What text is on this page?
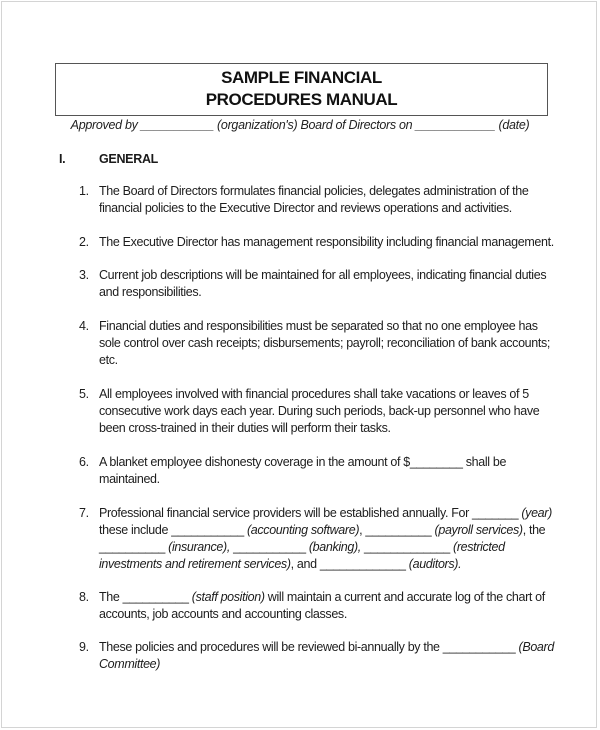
SAMPLE FINANCIAL
PROCEDURES MANUAL
Approved by ___________ (organization's) Board of Directors on ____________ (date)
I.	GENERAL
1. The Board of Directors formulates financial policies, delegates administration of the
financial policies to the Executive Director and reviews operations and activities.
2. The Executive Director has management responsibility including financial management.
3. Current job descriptions will be maintained for all employees, indicating financial duties
and responsibilities.
4. Financial duties and responsibilities must be separated so that no one employee has
sole control over cash receipts; disbursements; payroll; reconciliation of bank accounts;
etc.
5. All employees involved with financial procedures shall take vacations or leaves of 5
consecutive work days each year. During such periods, back-up personnel who have
been cross-trained in their duties will perform their tasks.
6. A blanket employee dishonesty coverage in the amount of $________ shall be
maintained.
7. Professional financial service providers will be established annually. For _______ (year)
these include ___________ (accounting software), __________ (payroll services), the
__________ (insurance), ___________ (banking), _____________ (restricted
investments and retirement services), and _____________ (auditors).
8. The __________ (staff position) will maintain a current and accurate log of the chart of
accounts, job accounts and accounting classes.
9. These policies and procedures will be reviewed bi-annually by the ___________ (Board
Committee)
